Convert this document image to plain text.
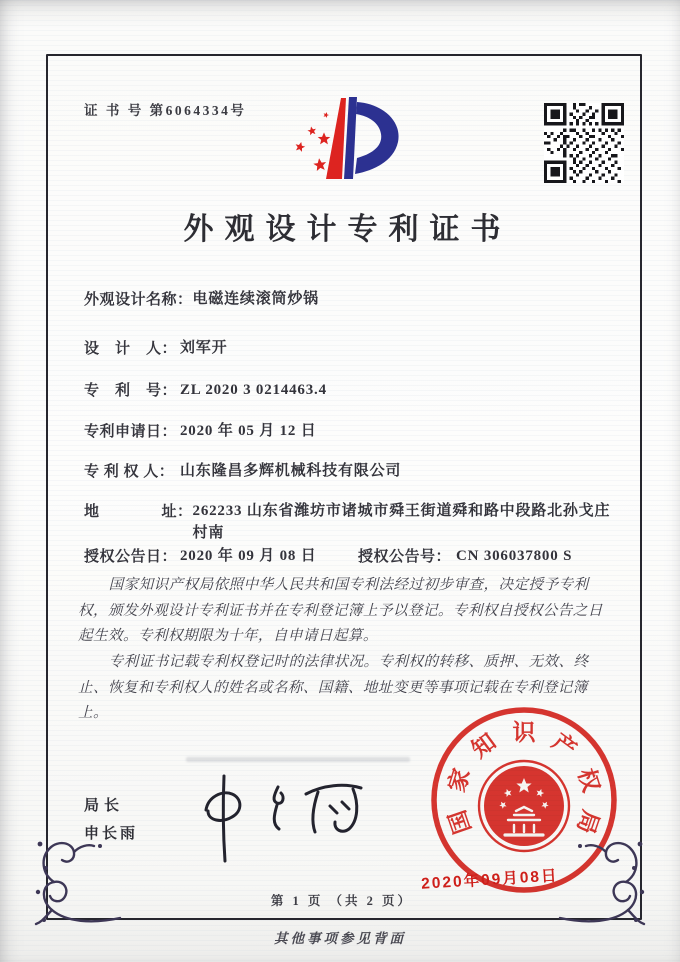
证 书 号 第6064334号
外观设计专利证书
外观设计名称： 电磁连续滚筒炒锅
设　计　人： 刘军开
专　利　号： ZL 2020 3 0214463.4
专利申请日： 2020 年 05 月 12 日
专 利 权 人： 山东隆昌多辉机械科技有限公司
地　　　　址： 262233 山东省潍坊市诸城市舜王街道舜和路中段路北孙戈庄村南
授权公告日： 2020 年 09 月 08 日	授权公告号： CN 306037800 S

国家知识产权局依照中华人民共和国专利法经过初步审查，决定授予专利权，颁发外观设计专利证书并在专利登记簿上予以登记。专利权自授权公告之日起生效。专利权期限为十年，自申请日起算。

专利证书记载专利权登记时的法律状况。专利权的转移、质押、无效、终止、恢复和专利权人的姓名或名称、国籍、地址变更等事项记载在专利登记簿上。

局长
申长雨	国
家
知 识 产
权
局
2020年09月08日
第 1 页 （共 2 页）
其他事项参见背面
